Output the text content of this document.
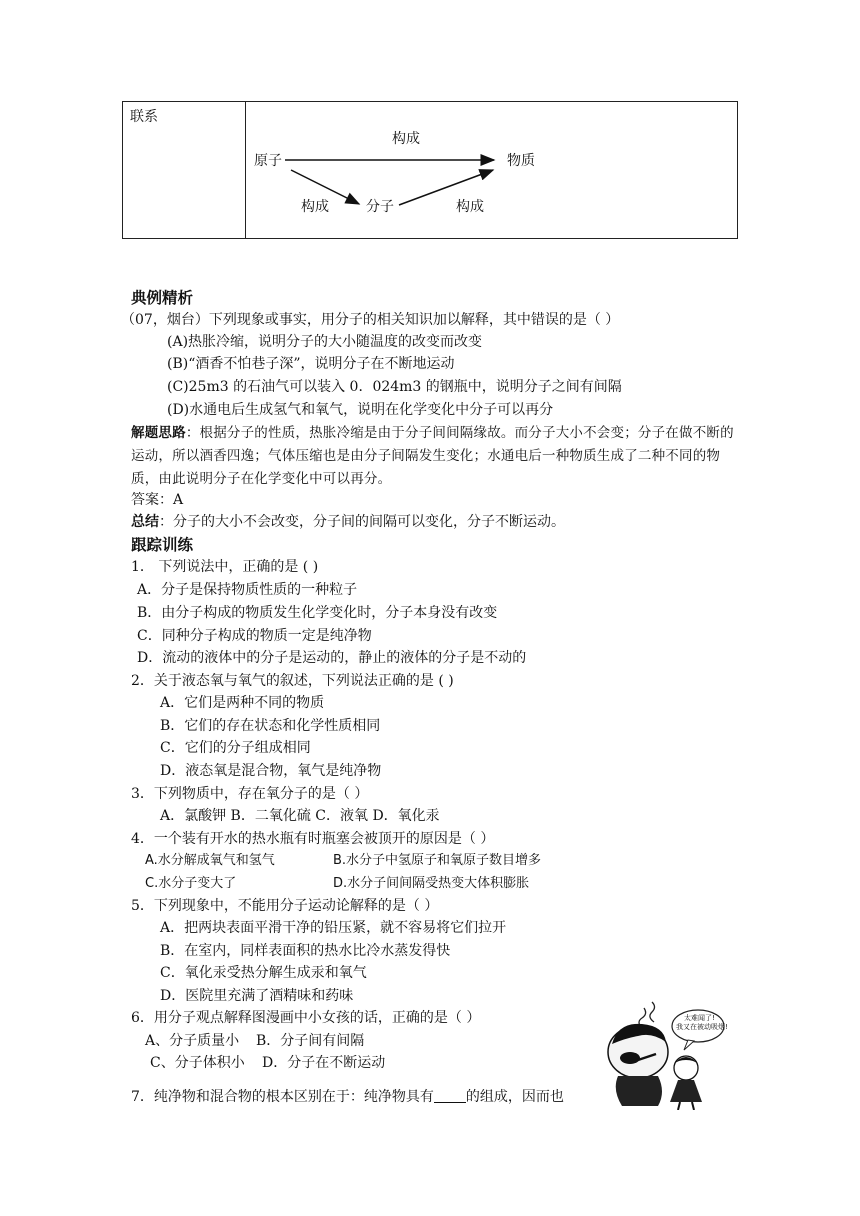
联系
构成
原子	物质
构成	分子	构成
典例精析
（07，烟台）下列现象或事实，用分子的相关知识加以解释，其中错误的是（ ）
(A)热胀冷缩，说明分子的大小随温度的改变而改变
(B)“酒香不怕巷子深”，说明分子在不断地运动
(C)25m3 的石油气可以装入 0．024m3 的钢瓶中，说明分子之间有间隔
(D)水通电后生成氢气和氧气，说明在化学变化中分子可以再分
解题思路：根据分子的性质，热胀冷缩是由于分子间间隔缘故。而分子大小不会变；分子在做不断的运动，所以酒香四逸；气体压缩也是由分子间隔发生变化；水通电后一种物质生成了二种不同的物质，由此说明分子在化学变化中可以再分。
答案：A
总结：分子的大小不会改变，分子间的间隔可以变化，分子不断运动。
跟踪训练
1． 下列说法中，正确的是 ( )
A．分子是保持物质性质的一种粒子
B．由分子构成的物质发生化学变化时，分子本身没有改变
C．同种分子构成的物质一定是纯净物
D．流动的液体中的分子是运动的，静止的液体的分子是不动的
2．关于液态氧与氧气的叙述，下列说法正确的是 ( )
A．它们是两种不同的物质
B．它们的存在状态和化学性质相同
C．它们的分子组成相同
D．液态氧是混合物，氧气是纯净物
3．下列物质中，存在氧分子的是（ ）
A．氯酸钾 B．二氧化硫 C．液氧 D．氧化汞
4．一个装有开水的热水瓶有时瓶塞会被顶开的原因是（ ）
A.水分解成氧气和氢气	B.水分子中氢原子和氧原子数目增多
C.水分子变大了	D.水分子间间隔受热变大体积膨胀
5．下列现象中，不能用分子运动论解释的是（ ）
A．把两块表面平滑干净的铅压紧，就不容易将它们拉开
B．在室内，同样表面积的热水比冷水蒸发得快
C．氧化汞受热分解生成汞和氧气
D．医院里充满了酒精味和药味
6．用分子观点解释图漫画中小女孩的话，正确的是（ ）
A、分子质量小 B．分子间有间隔
C、分子体积小 D．分子在不断运动
太难闻了!
我又在被动吸烟!
7．纯净物和混合物的根本区别在于：纯净物具有 的组成，因而也
